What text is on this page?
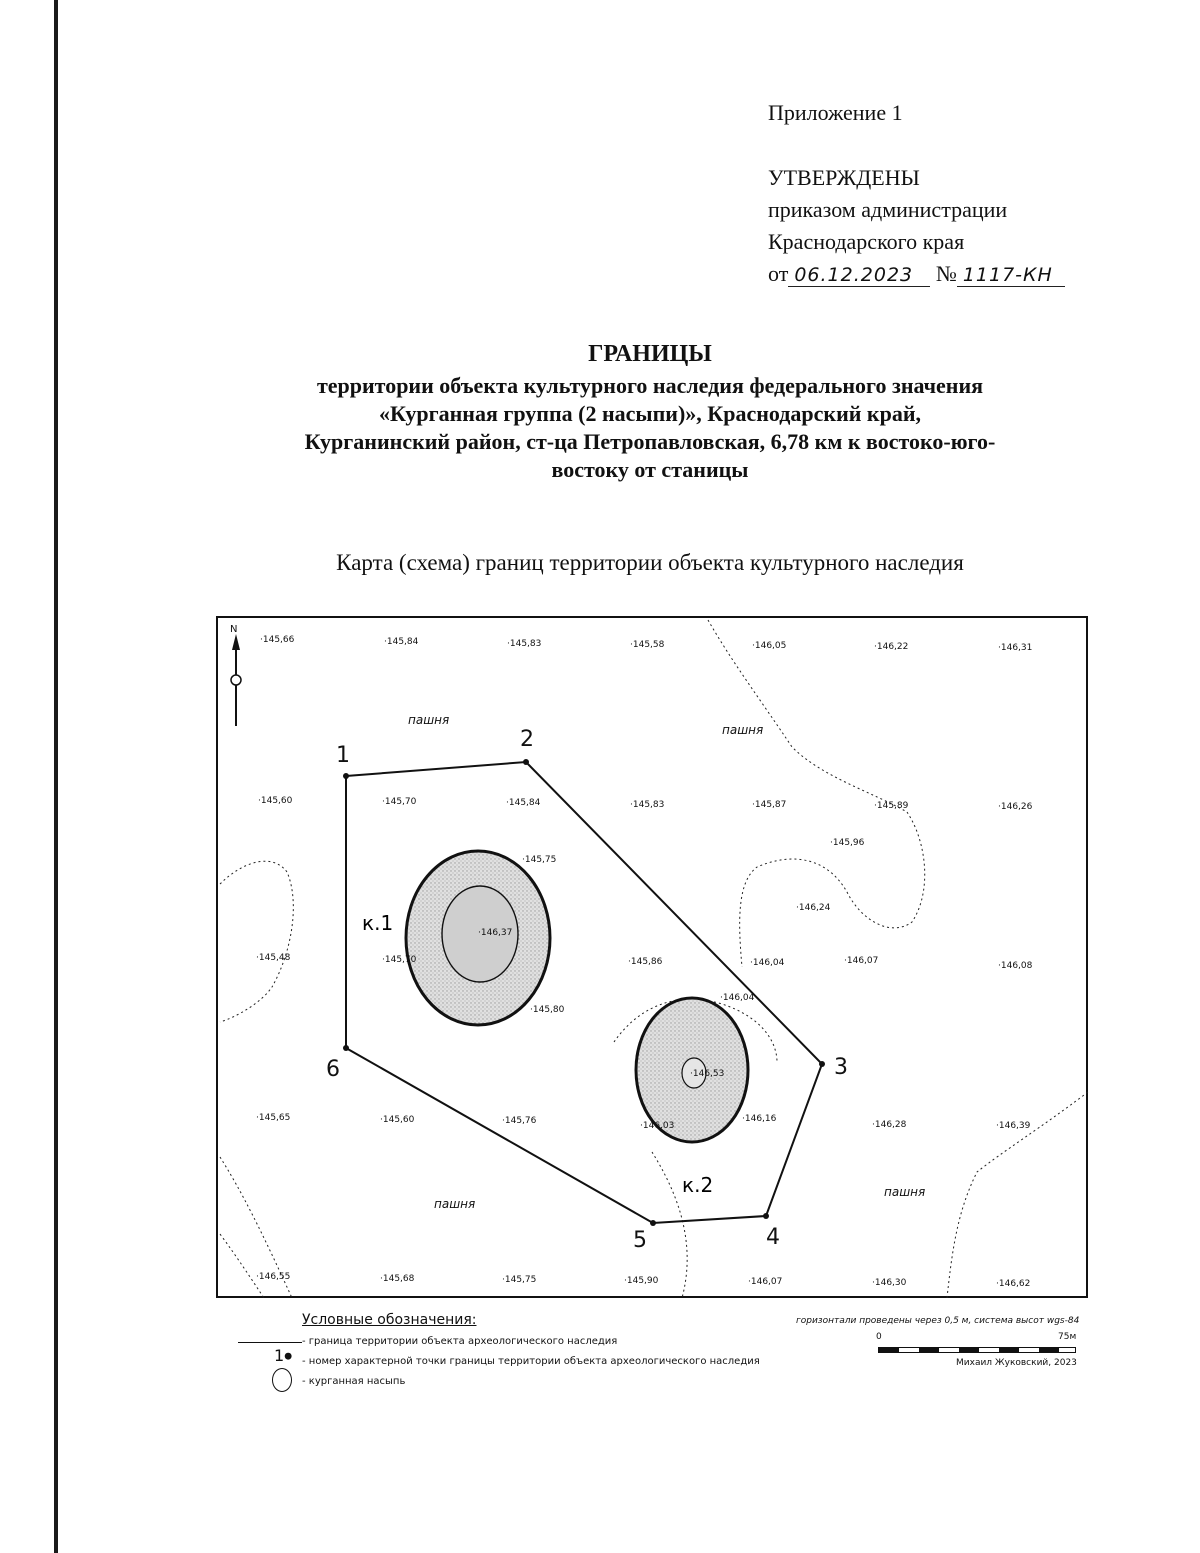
Приложение 1
УТВЕРЖДЕНЫ
приказом администрации
Краснодарского края
от 06.12.2023 № 1117-КН
ГРАНИЦЫ
территории объекта культурного наследия федерального значения
«Курганная группа (2 насыпи)», Краснодарский край,
Курганинский район, ст-ца Петропавловская, 6,78 км к востоко-юго-
востоку от станицы
Карта (схема) границ территории объекта культурного наследия
1
2
3
4
5
6
·145,66	·145,84	·145,83	·145,58	·146,05	·146,22	·146,31
·145,60	·145,70	·145,84	·145,83	·145,87	·145,89	·146,26
·145,75
·145,96
·146,24
·146,37
·145,48	·145,70	·145,86	·146,04	·146,07	·146,08
·146,04
·145,80
·146,53
·145,65	·145,60	·145,76	·146,03
·146,16
·146,28	·146,39
·146,55	·145,68	·145,75	·145,90	·146,07	·146,30	·146,62
N
пашня
пашня
пашня
пашня
к.1
к.2
Условные обозначения:
- граница территории объекта археологического наследия
1● - номер характерной точки границы территории объекта археологического наследия
- курганная насыпь
горизонтали проведены через 0,5 м, система высот wgs-84
0	75м
Михаил Жуковский, 2023
